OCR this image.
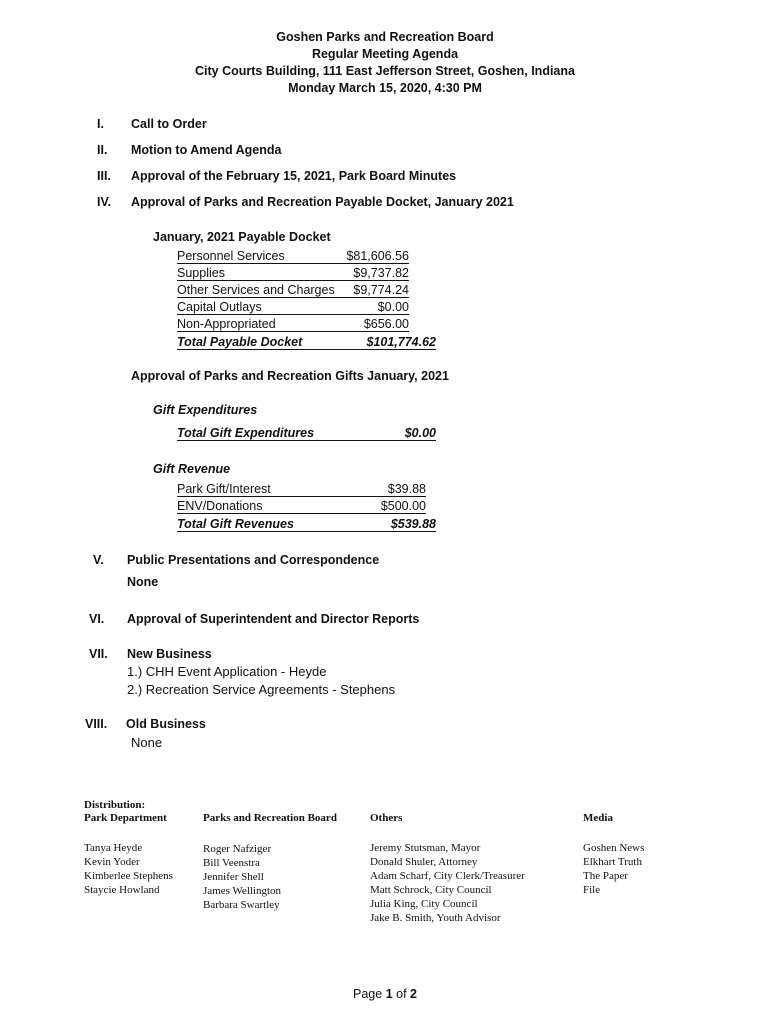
Goshen Parks and Recreation Board
Regular Meeting Agenda
City Courts Building, 111 East Jefferson Street, Goshen, Indiana
Monday March 15, 2020, 4:30 PM
I. Call to Order
II. Motion to Amend Agenda
III. Approval of the February 15, 2021, Park Board Minutes
IV. Approval of Parks and Recreation Payable Docket, January 2021
January, 2021 Payable Docket
Personnel Services	$81,606.56
Supplies	$9,737.82
Other Services and Charges $9,774.24
Capital Outlays	$0.00
Non-Appropriated	$656.00
Total Payable Docket	$101,774.62
Approval of Parks and Recreation Gifts January, 2021
Gift Expenditures
Total Gift Expenditures	$0.00
Gift Revenue
Park Gift/Interest	$39.88
ENV/Donations	$500.00
Total Gift Revenues	$539.88
V. Public Presentations and Correspondence
None
VI. Approval of Superintendent and Director Reports
VII. New Business
1.) CHH Event Application - Heyde
2.) Recreation Service Agreements - Stephens
VIII. Old Business
None
Distribution:
Park Department
Tanya Heyde
Kevin Yoder
Kimberlee Stephens
Staycie Howland
Parks and Recreation Board
Roger Nafziger
Bill Veenstra
Jennifer Shell
James Wellington
Barbara Swartley
Others
Jeremy Stutsman, Mayor
Donald Shuler, Attorney
Adam Scharf, City Clerk/Treasurer
Matt Schrock, City Council
Julia King, City Council
Jake B. Smith, Youth Advisor
Media
Goshen News
Elkhart Truth
The Paper
File
Page 1 of 2
